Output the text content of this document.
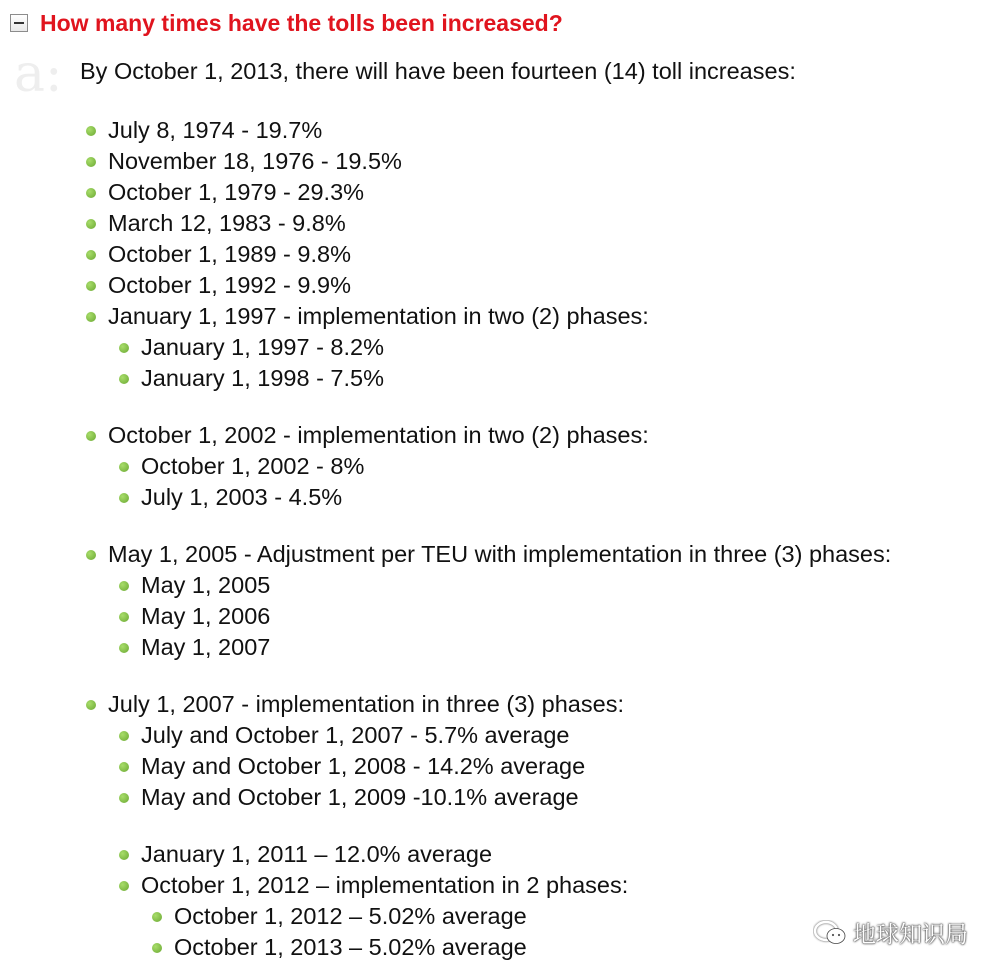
How many times have the tolls been increased?
a: By October 1, 2013, there will have been fourteen (14) toll increases:

July 8, 1974 - 19.7%
November 18, 1976 - 19.5%
October 1, 1979 - 29.3%
March 12, 1983 - 9.8%
October 1, 1989 - 9.8%
October 1, 1992 - 9.9%
January 1, 1997 - implementation in two (2) phases:
January 1, 1997 - 8.2%
January 1, 1998 - 7.5%
October 1, 2002 - implementation in two (2) phases:
October 1, 2002 - 8%
July 1, 2003 - 4.5%
May 1, 2005 - Adjustment per TEU with implementation in three (3) phases:
May 1, 2005
May 1, 2006
May 1, 2007
July 1, 2007 - implementation in three (3) phases:
July and October 1, 2007 - 5.7% average
May and October 1, 2008 - 14.2% average
May and October 1, 2009 -10.1% average
January 1, 2011 – 12.0% average
October 1, 2012 – implementation in 2 phases:
October 1, 2012 – 5.02% average
October 1, 2013 – 5.02% average	地球知识局
